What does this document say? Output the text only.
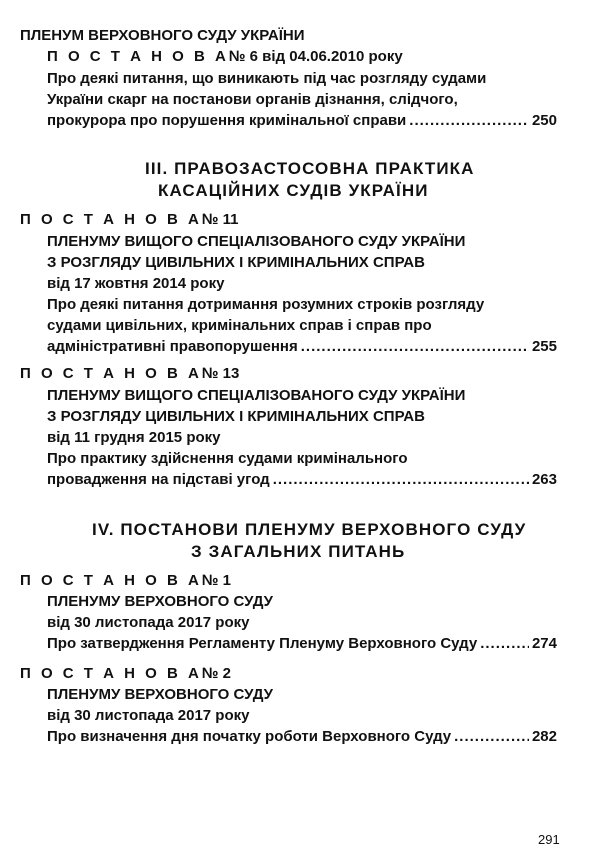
ПЛЕНУМ ВЕРХОВНОГО СУДУ УКРАЇНИ
П О С Т А Н О В А№ 6 від 04.06.2010 року
Про деякі питання, що виникають під час розгляду судами
України скарг на постанови органів дізнання, слідчого,
прокурора про порушення кримінальної справи .....	250
III. ПРАВОЗАСТОСОВНА ПРАКТИКА
КАСАЦІЙНИХ СУДІВ УКРАЇНИ
П О С Т А Н О В А№ 11
ПЛЕНУМУ ВИЩОГО СПЕЦІАЛІЗОВАНОГО СУДУ УКРАЇНИ
З РОЗГЛЯДУ ЦИВІЛЬНИХ І КРИМІНАЛЬНИХ СПРАВ
від 17 жовтня 2014 року
Про деякі питання дотримання розумних строків розгляду
судами цивільних, кримінальних справ і справ про
адміністративні правопорушення .....	255
П О С Т А Н О В А№ 13
ПЛЕНУМУ ВИЩОГО СПЕЦІАЛІЗОВАНОГО СУДУ УКРАЇНИ
З РОЗГЛЯДУ ЦИВІЛЬНИХ І КРИМІНАЛЬНИХ СПРАВ
від 11 грудня 2015 року
Про практику здійснення судами кримінального
провадження на підставі угод .....	263
IV. ПОСТАНОВИ ПЛЕНУМУ ВЕРХОВНОГО СУДУ
З ЗАГАЛЬНИХ ПИТАНЬ
П О С Т А Н О В А№ 1
ПЛЕНУМУ ВЕРХОВНОГО СУДУ
від 30 листопада 2017 року
Про затвердження Регламенту Пленуму Верховного Суду .....	274
П О С Т А Н О В А№ 2
ПЛЕНУМУ ВЕРХОВНОГО СУДУ
від 30 листопада 2017 року
Про визначення дня початку роботи Верховного Суду .....	282
291
